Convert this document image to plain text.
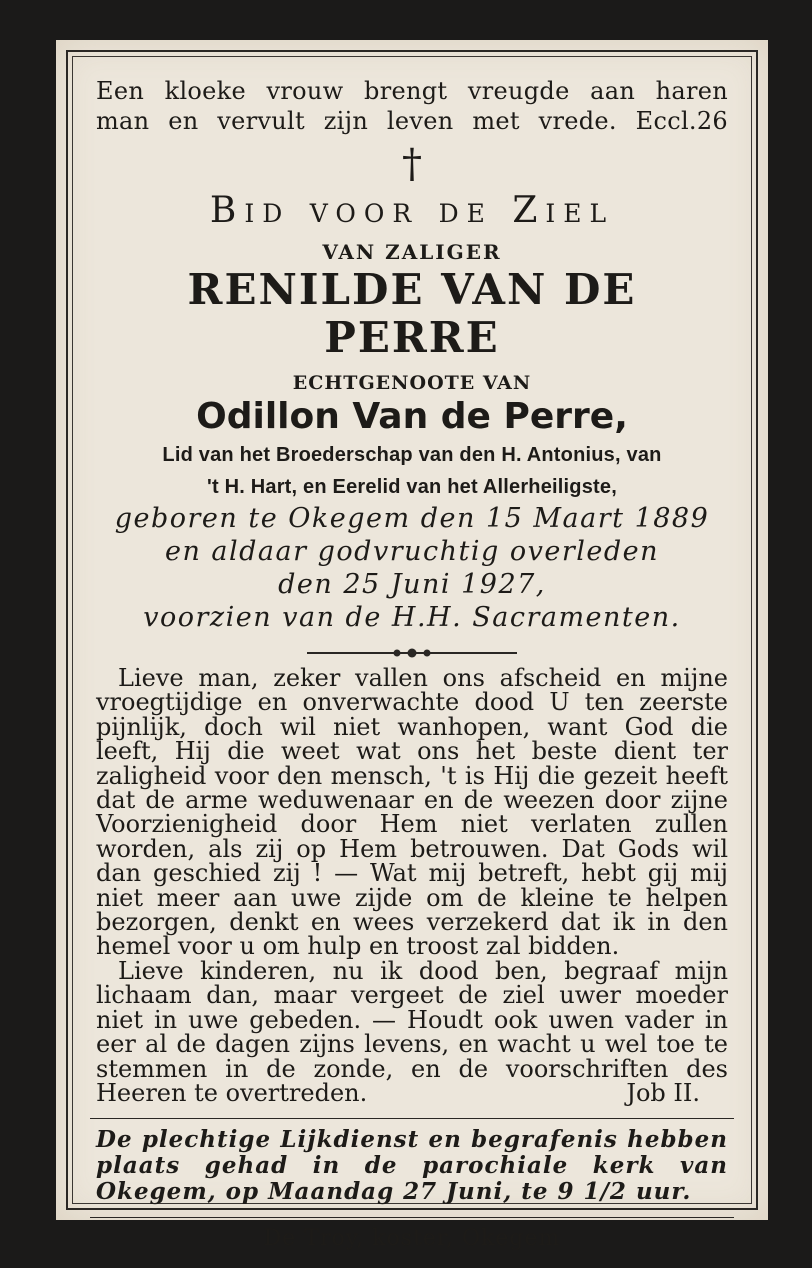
Een kloeke vrouw brengt vreugde aan haren
man en vervult zijn leven met vrede. Eccl.26
†
Bid voor de Ziel
VAN ZALIGER
RENILDE VAN DE PERRE
ECHTGENOOTE VAN
Odillon Van de Perre,
Lid van het Broederschap van den H. Antonius, van
't H. Hart, en Eerelid van het Allerheiligste,
geboren te Okegem den 15 Maart 1889
en aldaar godvruchtig overleden
den 25 Juni 1927,
voorzien van de H.H. Sacramenten.

Lieve man, zeker vallen ons afscheid en mijne vroegtijdige en onverwachte dood U ten zeerste pijnlijk, doch wil niet wanhopen, want God die leeft, Hij die weet wat ons het beste dient ter zaligheid voor den mensch, 't is Hij die gezeit heeft dat de arme weduwenaar en de weezen door zijne Voorzienigheid door Hem niet verlaten zullen worden, als zij op Hem betrouwen. Dat Gods wil dan geschied zij ! — Wat mij betreft, hebt gij mij niet meer aan uwe zijde om de kleine te helpen bezorgen, denkt en wees verzekerd dat ik in den hemel voor u om hulp en troost zal bidden.

Lieve kinderen, nu ik dood ben, begraaf mijn lichaam dan, maar vergeet de ziel uwer moeder niet in uwe gebeden. — Houdt ook uwen vader in eer al de dagen zijns levens, en wacht u wel toe te stemmen in de zonde, en de voorschriften des Heeren te overtreden.	Job II.

De plechtige Lijkdienst en begrafenis hebben plaats gehad in de parochiale kerk van Okegem, op Maandag 27 Juni, te 9 1/2 uur.
De Troy, koster, Okegem
